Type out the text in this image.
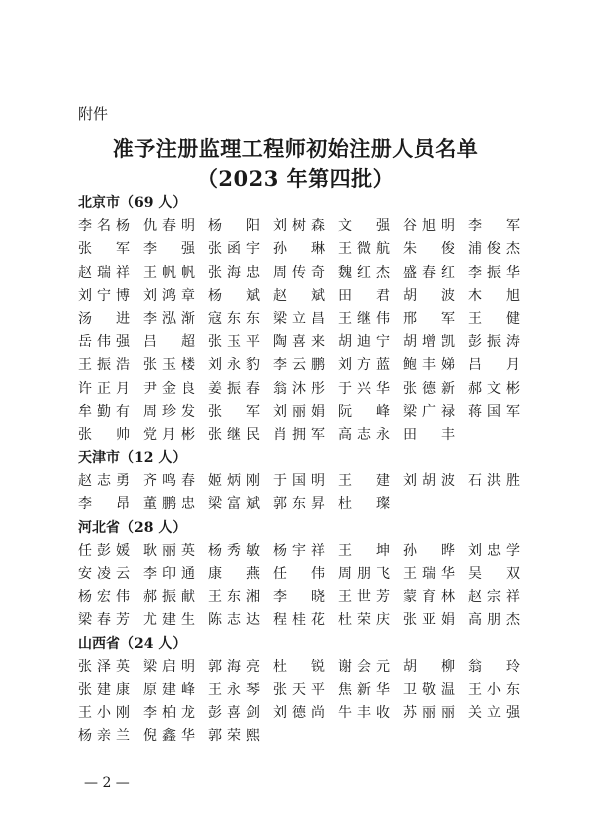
附件
准予注册监理工程师初始注册人员名单
（2023 年第四批）
北京市（69 人）
李名杨 仇春明 杨 阳 刘树森 文 强 谷旭明 李 军
张 军 李 强 张函宇 孙 琳 王微航 朱 俊 浦俊杰
赵瑞祥 王帆帆 张海忠 周传奇 魏红杰 盛春红 李振华
刘宁博 刘鸿章 杨 斌 赵 斌 田 君 胡 波 木 旭
汤 进 李泓渐 寇东东 梁立昌 王继伟 邢 军 王 健
岳伟强 吕 超 张玉平 陶喜来 胡迪宁 胡增凯 彭振涛
王振浩 张玉楼 刘永豹 李云鹏 刘方蓝 鲍丰娣 吕 月
许正月 尹金良 姜振春 翁沐彤 于兴华 张德新 郝文彬
牟勤有 周珍发 张 军 刘丽娟 阮 峰 梁广禄 蒋国军
张 帅 党月彬 张继民 肖拥军 高志永 田 丰
天津市（12 人）
赵志勇 齐鸣春 姬炳刚 于国明 王 建 刘胡波 石洪胜
李 昂 董鹏忠 梁富斌 郭东昇 杜 璨
河北省（28 人）
任彭媛 耿丽英 杨秀敏 杨宇祥 王 坤 孙 晔 刘忠学
安凌云 李印通 康 燕 任 伟 周朋飞 王瑞华 吴 双
杨宏伟 郝振献 王东湘 李 晓 王世芳 蒙育林 赵宗祥
梁春芳 尤建生 陈志达 程桂花 杜荣庆 张亚娟 高朋杰
山西省（24 人）
张泽英 梁启明 郭海亮 杜 锐 谢会元 胡 柳 翁 玲
张建康 原建峰 王永琴 张天平 焦新华 卫敬温 王小东
王小刚 李柏龙 彭喜剑 刘德尚 牛丰收 苏丽丽 关立强
杨亲兰 倪鑫华 郭荣熙
— 2 —
